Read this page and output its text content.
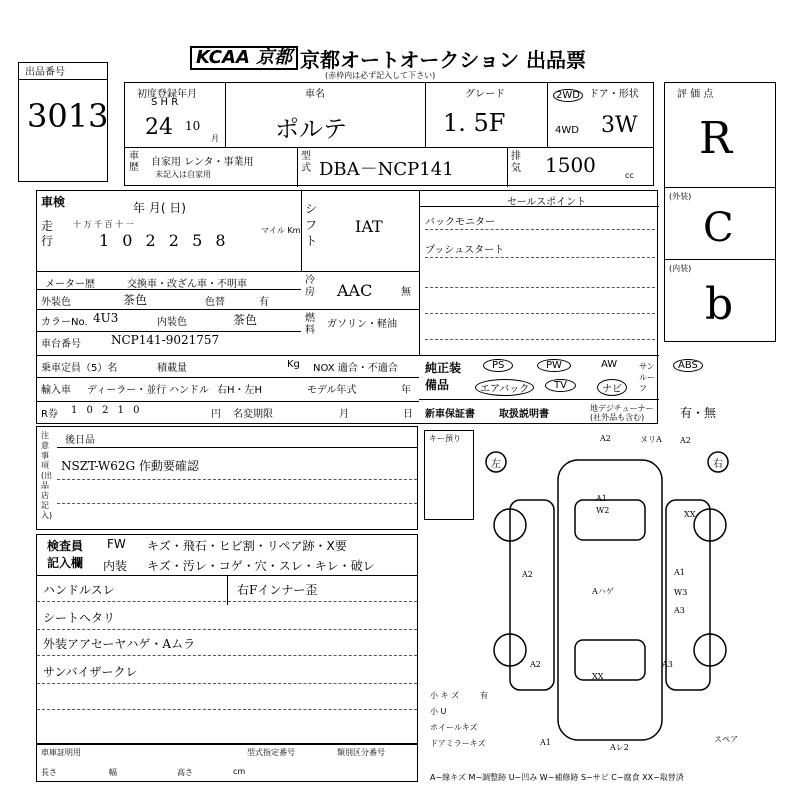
KCAA 京都 京都オートオークション 出品票
(赤枠内は必ず記入して下さい)
出品番号
3013
初度登録年月
S H R
24 10
月
車名
ポルテ
グレード
1. 5F
2WD
4WD
ドア・形状
3W
車歴 自家用 レンタ・事業用
未記入は自家用
型式 DBA－NCP141
排気 1500	cc
評 価 点
R
(外装)
C
(内装)
b
車検	年 月( 日)
走行
十 万 千 百 十 一
1 0 2 2 5 8
マイル Km
シフト
IAT
セールスポイント
バックモニター
プッシュスタート
メーター歴	交換車・改ざん車・不明車	冷房 AAC	無
外装色	茶色	色替	有
カラーNo. 4U3	内装色	茶色	燃料
ガソリン・軽油
車台番号	NCP141-9021757
乗車定員（5）名	積載量	Kg NOX 適合・不適合
輸入車 ディーラー・並行 ハンドル 右H・左H	モデル年式	年
R券 1 0 2 1 0	円 名変期限	月	日
純正装備品
PS	PW	AW	サンルーフ
ABS
エアバック	TV	ナビ
新車保証書 取扱説明書
地デジチューナー(社外品も含む)	有・無
注意事項(出品店記入)
後日品
NSZT-W62G 作動要確認
キー預り
検査員記入欄
FW キズ・飛石・ヒビ割・リペア跡・X要
内装 キズ・汚レ・コゲ・穴・スレ・キレ・破レ
ハンドルスレ	右Fインナー歪
シートヘタリ
外装アアセーヤハゲ・Aムラ
サンバイザークレ
左	右
A2	ヌリA A2
A1
W2	XX
A2	A1
Aハゲ	W3
A3
A2
XX
A3
Aレ2
A1	スペア
小 キ ズ
小 U
ホイールキズ
ドアミラーキズ
有
車庫証明用	型式指定番号	類別区分番号
長さ	幅	高さ	cm
A−線キズ M−調整跡 U−凹み W−補修跡 S−サビ C−腐食 XX−取替済
